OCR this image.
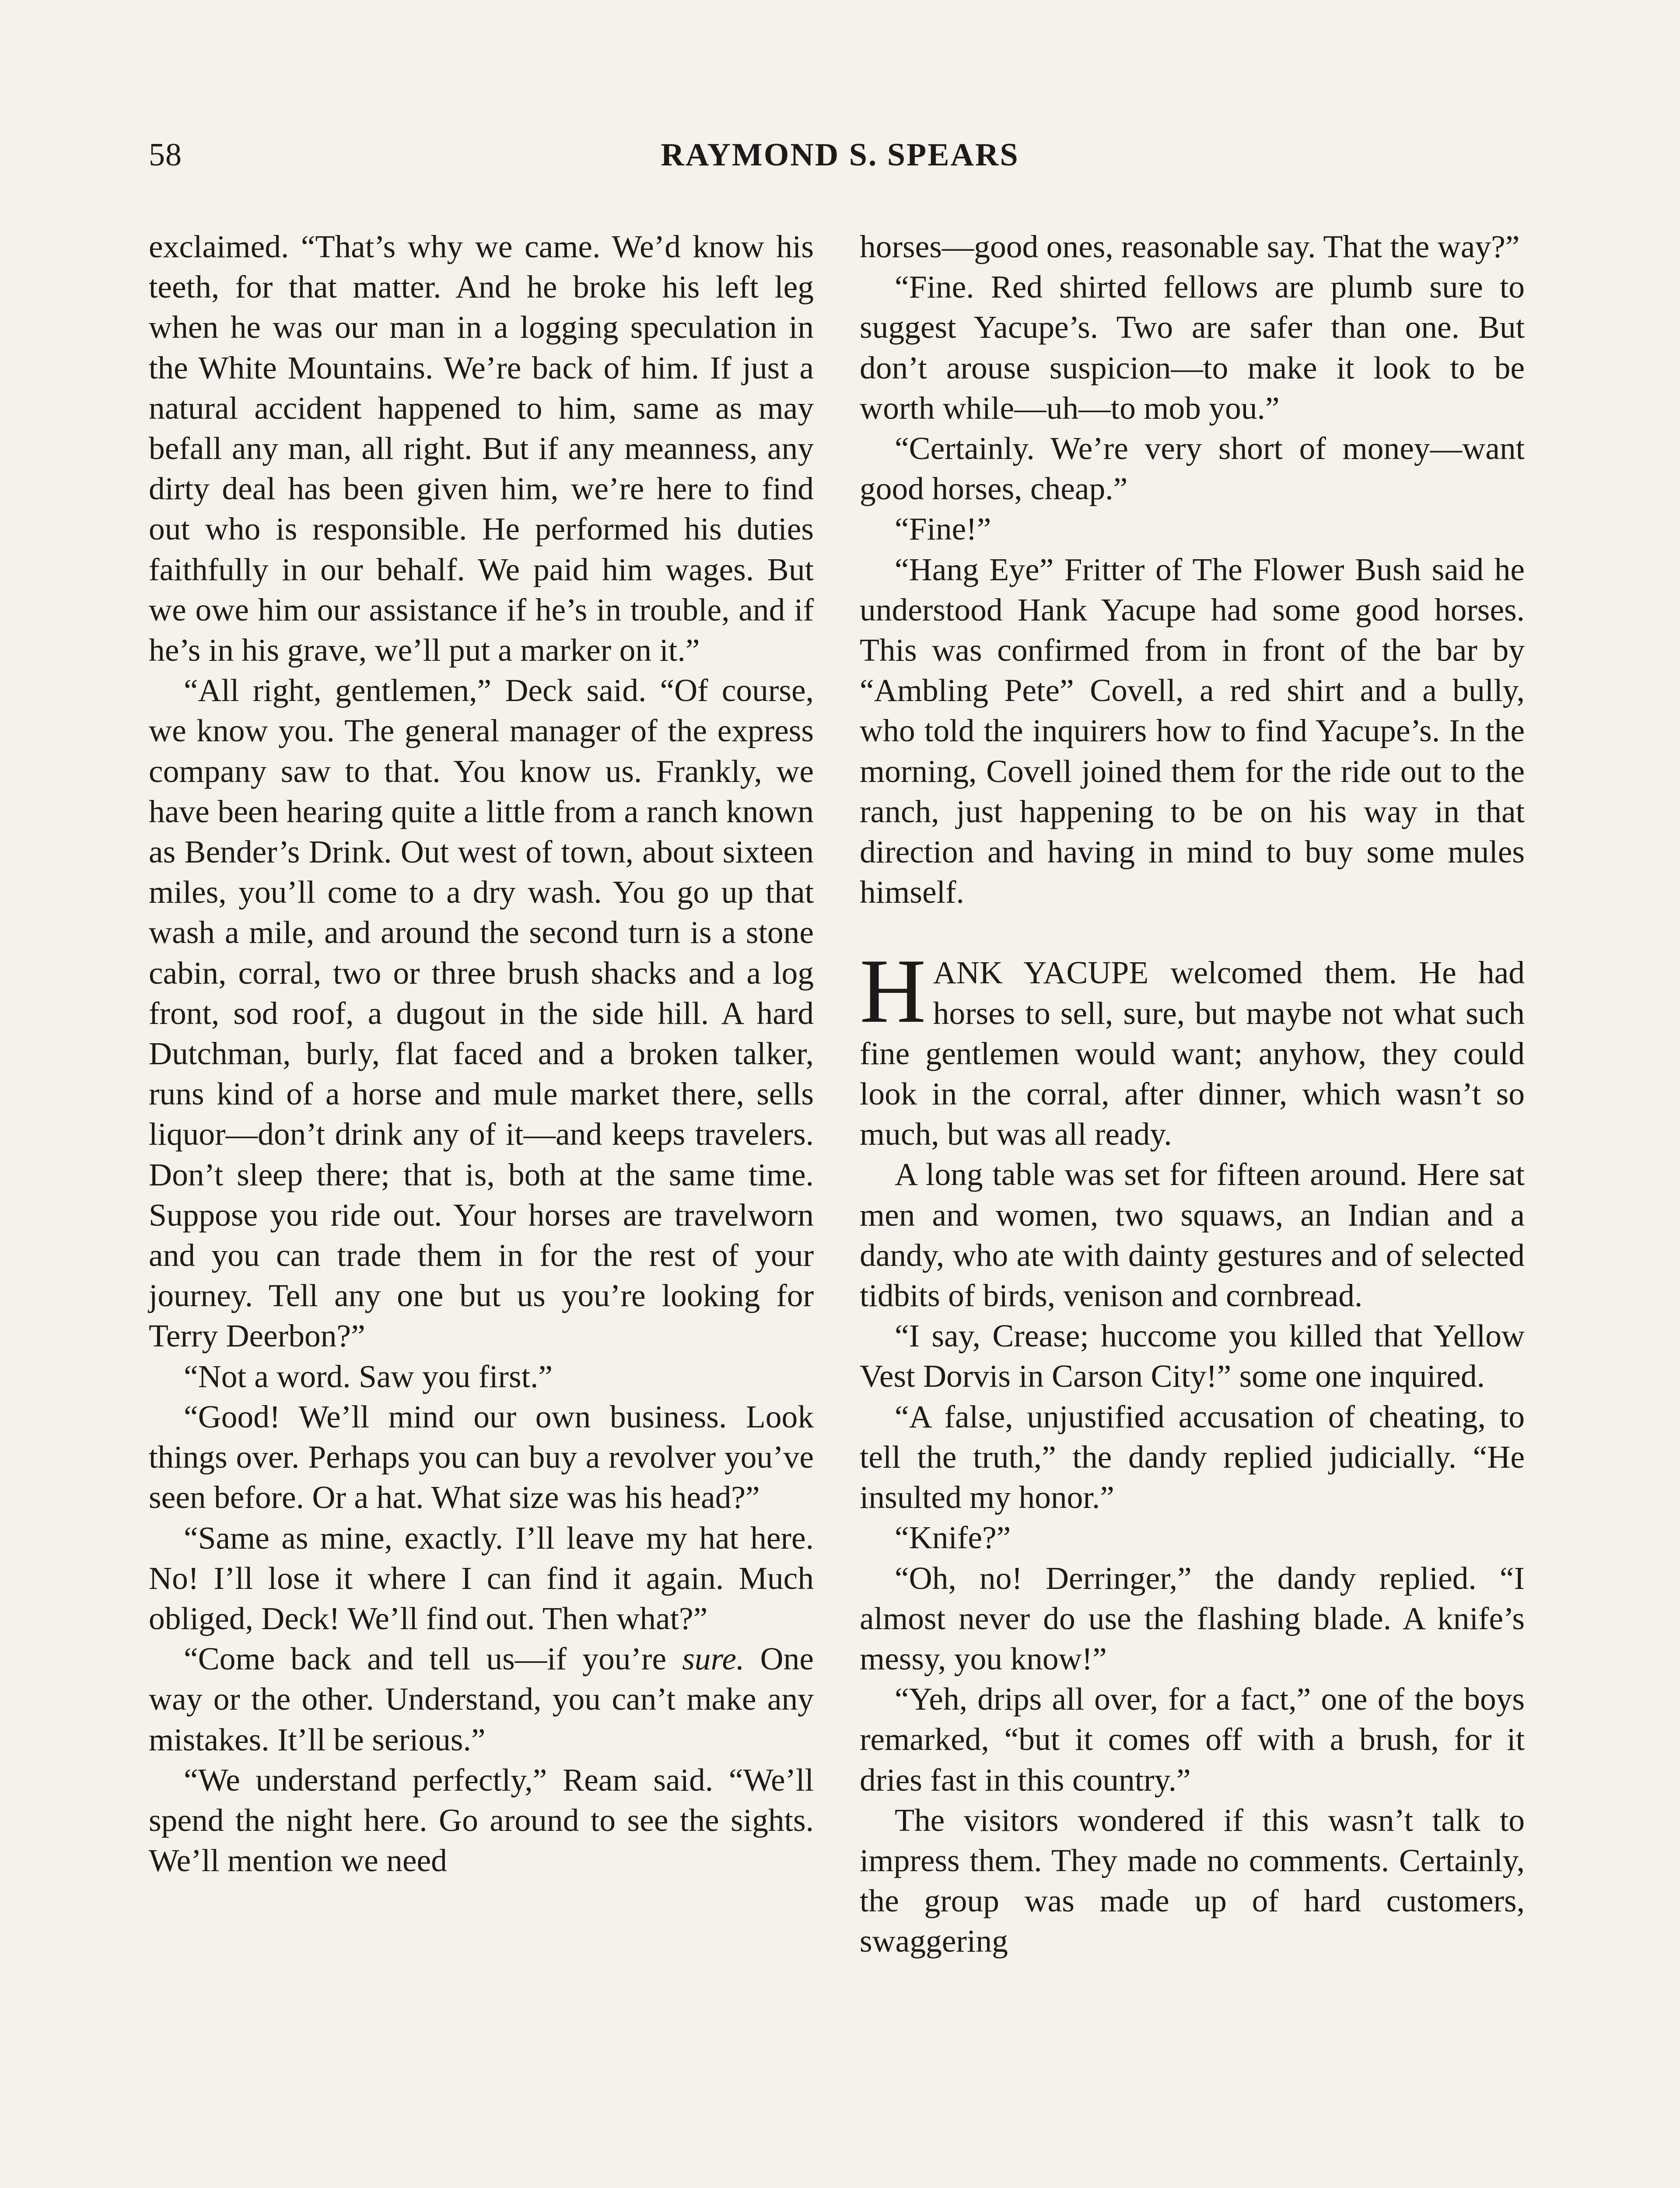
58	RAYMOND S. SPEARS

exclaimed. “That’s why we came. We’d know his teeth, for that matter. And he broke his left leg when he was our man in a logging speculation in the White Mountains. We’re back of him. If just a natural accident happened to him, same as may befall any man, all right. But if any meanness, any dirty deal has been given him, we’re here to find out who is responsible. He performed his duties faithfully in our behalf. We paid him wages. But we owe him our assistance if he’s in trouble, and if he’s in his grave, we’ll put a marker on it.”

“All right, gentlemen,” Deck said. “Of course, we know you. The general manager of the express company saw to that. You know us. Frankly, we have been hearing quite a little from a ranch known as Bender’s Drink. Out west of town, about sixteen miles, you’ll come to a dry wash. You go up that wash a mile, and around the second turn is a stone cabin, corral, two or three brush shacks and a log front, sod roof, a dugout in the side hill. A hard Dutchman, burly, flat faced and a broken talker, runs kind of a horse and mule market there, sells liquor—don’t drink any of it—and keeps travelers. Don’t sleep there; that is, both at the same time. Suppose you ride out. Your horses are travelworn and you can trade them in for the rest of your journey. Tell any one but us you’re looking for Terry Deerbon?”

“Not a word. Saw you first.”

“Good! We’ll mind our own business. Look things over. Perhaps you can buy a revolver you’ve seen before. Or a hat. What size was his head?”

“Same as mine, exactly. I’ll leave my hat here. No! I’ll lose it where I can find it again. Much obliged, Deck! We’ll find out. Then what?”

“Come back and tell us—if you’re sure. One way or the other. Understand, you can’t make any mistakes. It’ll be serious.”

“We understand perfectly,” Ream said. “We’ll spend the night here. Go around to see the sights. We’ll mention we need

horses—good ones, reasonable say. That the way?”

“Fine. Red shirted fellows are plumb sure to suggest Yacupe’s. Two are safer than one. But don’t arouse suspicion—to make it look to be worth while—uh—to mob you.”

“Certainly. We’re very short of money—want good horses, cheap.”

“Fine!”

“Hang Eye” Fritter of The Flower Bush said he understood Hank Yacupe had some good horses. This was confirmed from in front of the bar by “Ambling Pete” Covell, a red shirt and a bully, who told the inquirers how to find Yacupe’s. In the morning, Covell joined them for the ride out to the ranch, just happening to be on his way in that direction and having in mind to buy some mules himself.

HANK YACUPE welcomed them. He had horses to sell, sure, but maybe not what such fine gentlemen would want; anyhow, they could look in the corral, after dinner, which wasn’t so much, but was all ready.

A long table was set for fifteen around. Here sat men and women, two squaws, an Indian and a dandy, who ate with dainty gestures and of selected tidbits of birds, venison and cornbread.

“I say, Crease; huccome you killed that Yellow Vest Dorvis in Carson City!” some one inquired.

“A false, unjustified accusation of cheating, to tell the truth,” the dandy replied judicially. “He insulted my honor.”

“Knife?”

“Oh, no! Derringer,” the dandy replied. “I almost never do use the flashing blade. A knife’s messy, you know!”

“Yeh, drips all over, for a fact,” one of the boys remarked, “but it comes off with a brush, for it dries fast in this country.”

The visitors wondered if this wasn’t talk to impress them. They made no comments. Certainly, the group was made up of hard customers, swaggering
